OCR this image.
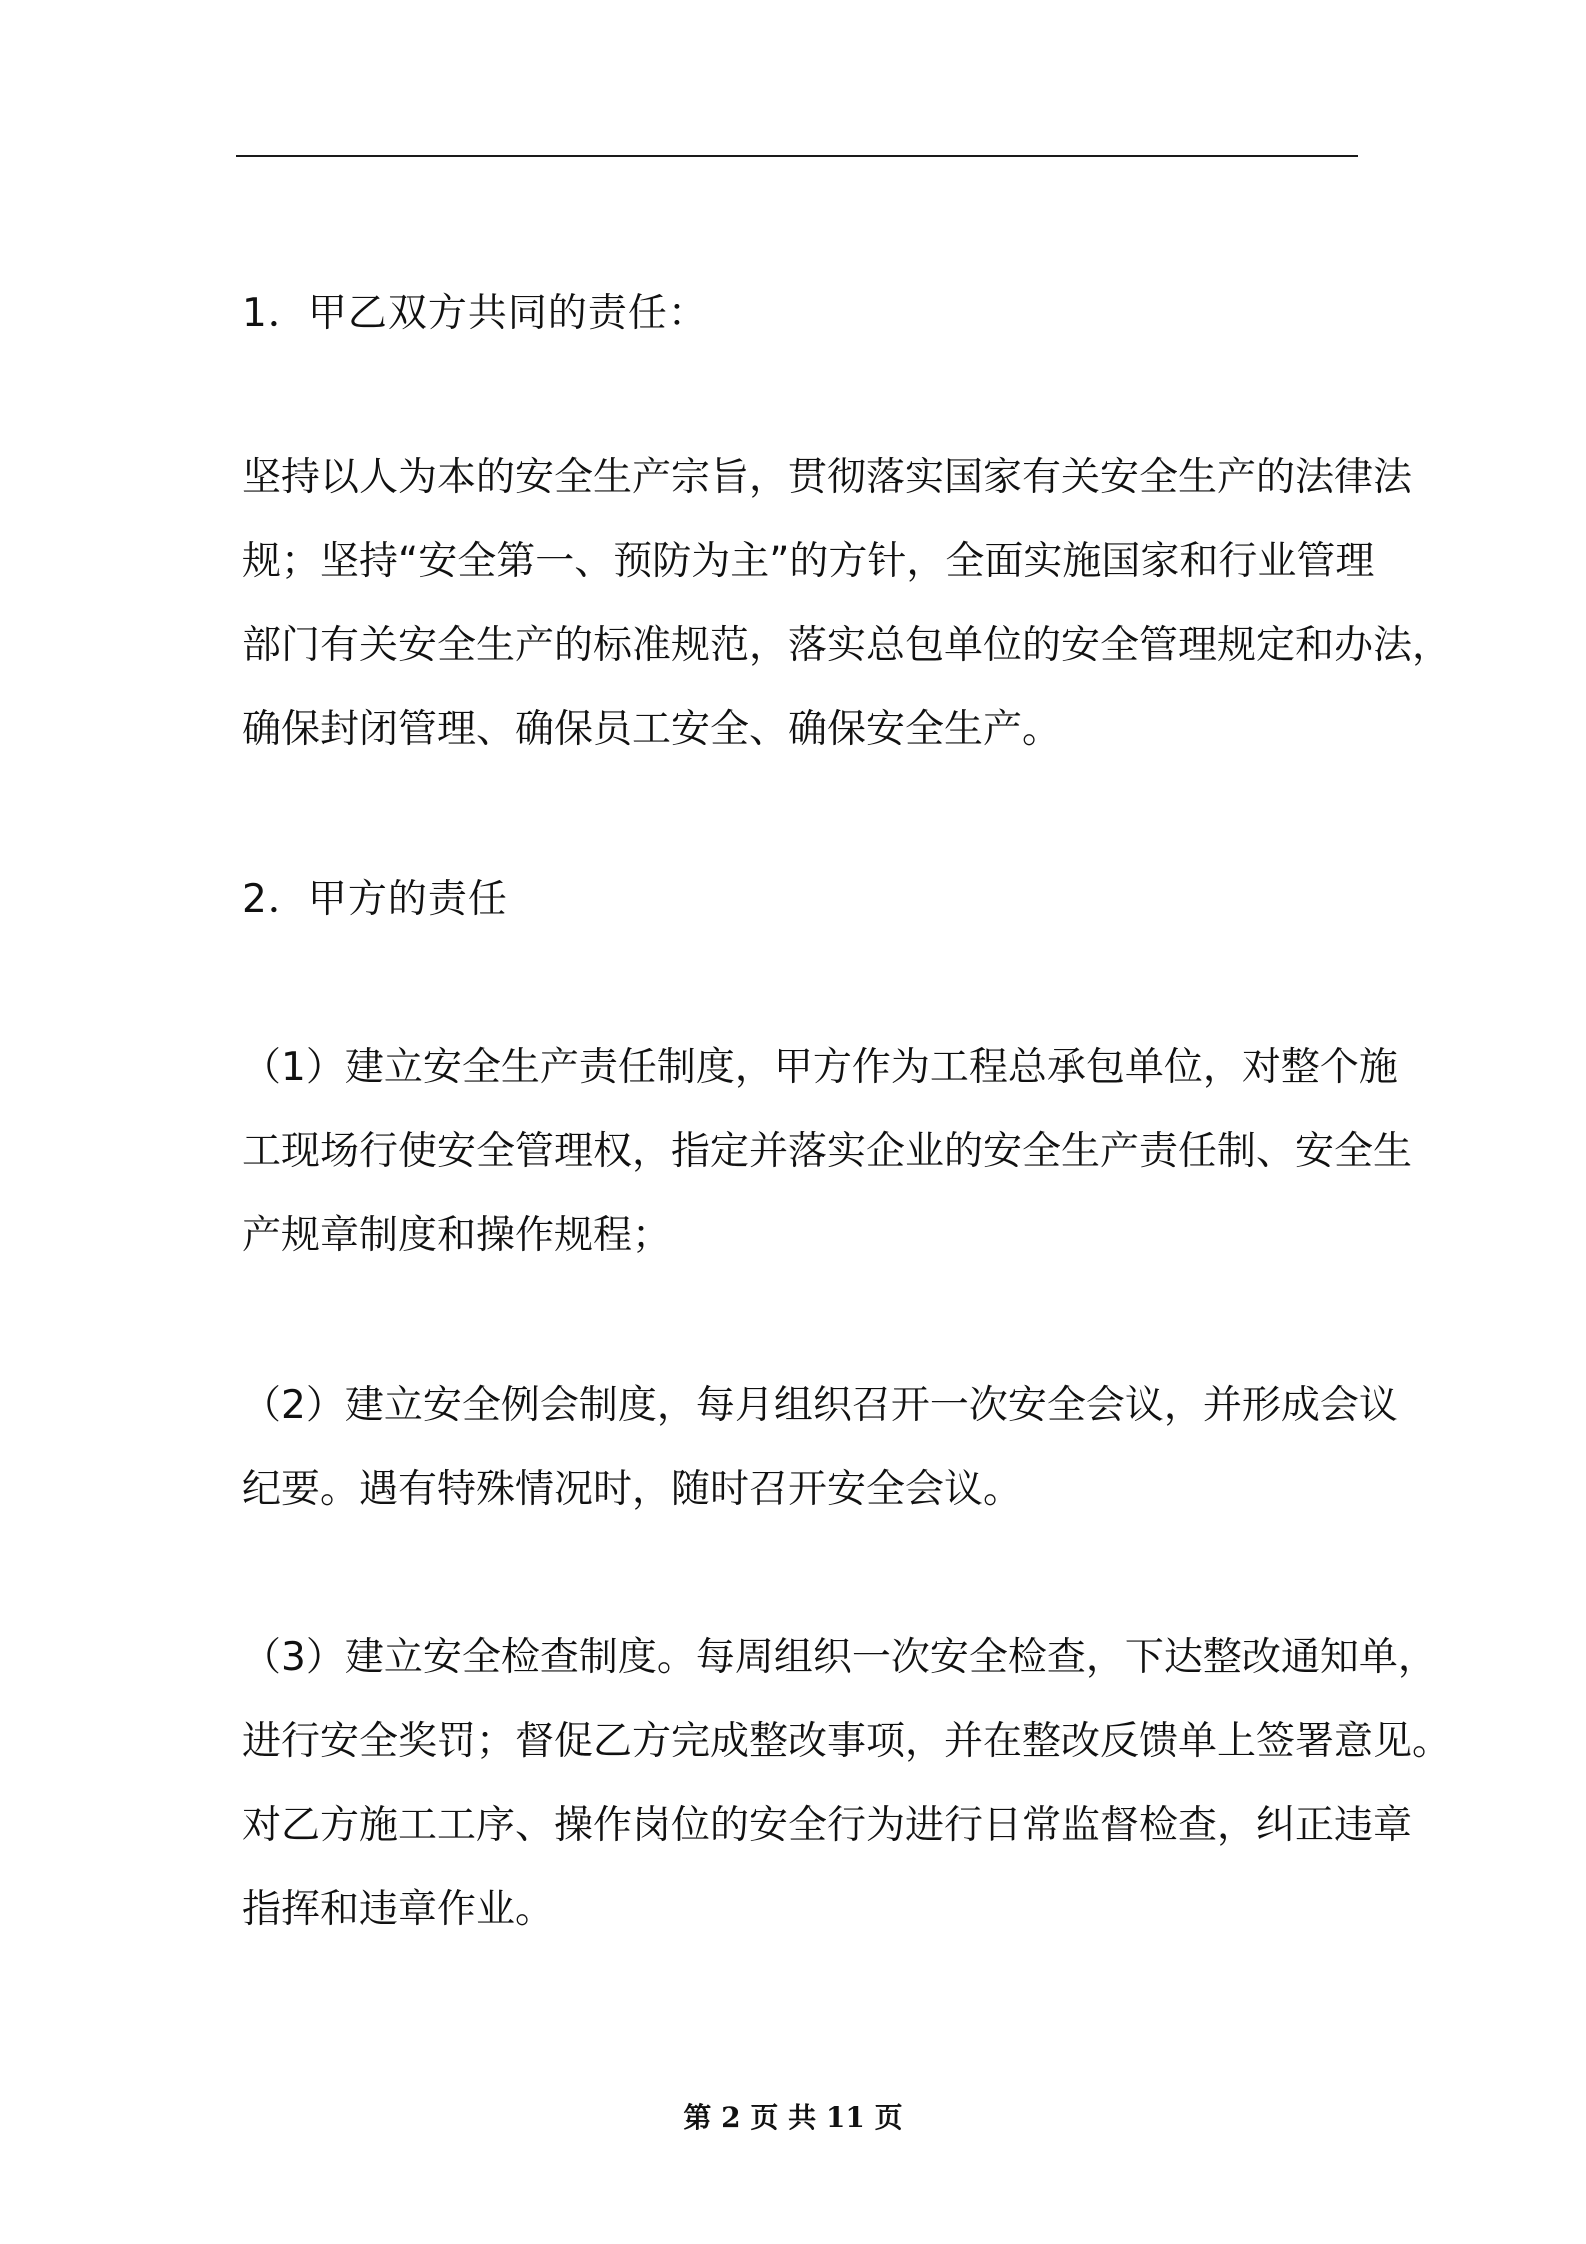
1．甲乙双方共同的责任：

坚持以人为本的安全生产宗旨，贯彻落实国家有关安全生产的法律法
规；坚持“安全第一、预防为主”的方针，全面实施国家和行业管理
部门有关安全生产的标准规范，落实总包单位的安全管理规定和办法，
确保封闭管理、确保员工安全、确保安全生产。

2．甲方的责任

（1）建立安全生产责任制度，甲方作为工程总承包单位，对整个施
工现场行使安全管理权，指定并落实企业的安全生产责任制、安全生
产规章制度和操作规程；

（2）建立安全例会制度，每月组织召开一次安全会议，并形成会议
纪要。遇有特殊情况时，随时召开安全会议。

（3）建立安全检查制度。每周组织一次安全检查，下达整改通知单，
进行安全奖罚；督促乙方完成整改事项，并在整改反馈单上签署意见。
对乙方施工工序、操作岗位的安全行为进行日常监督检查，纠正违章
指挥和违章作业。

第 2 页 共 11 页
